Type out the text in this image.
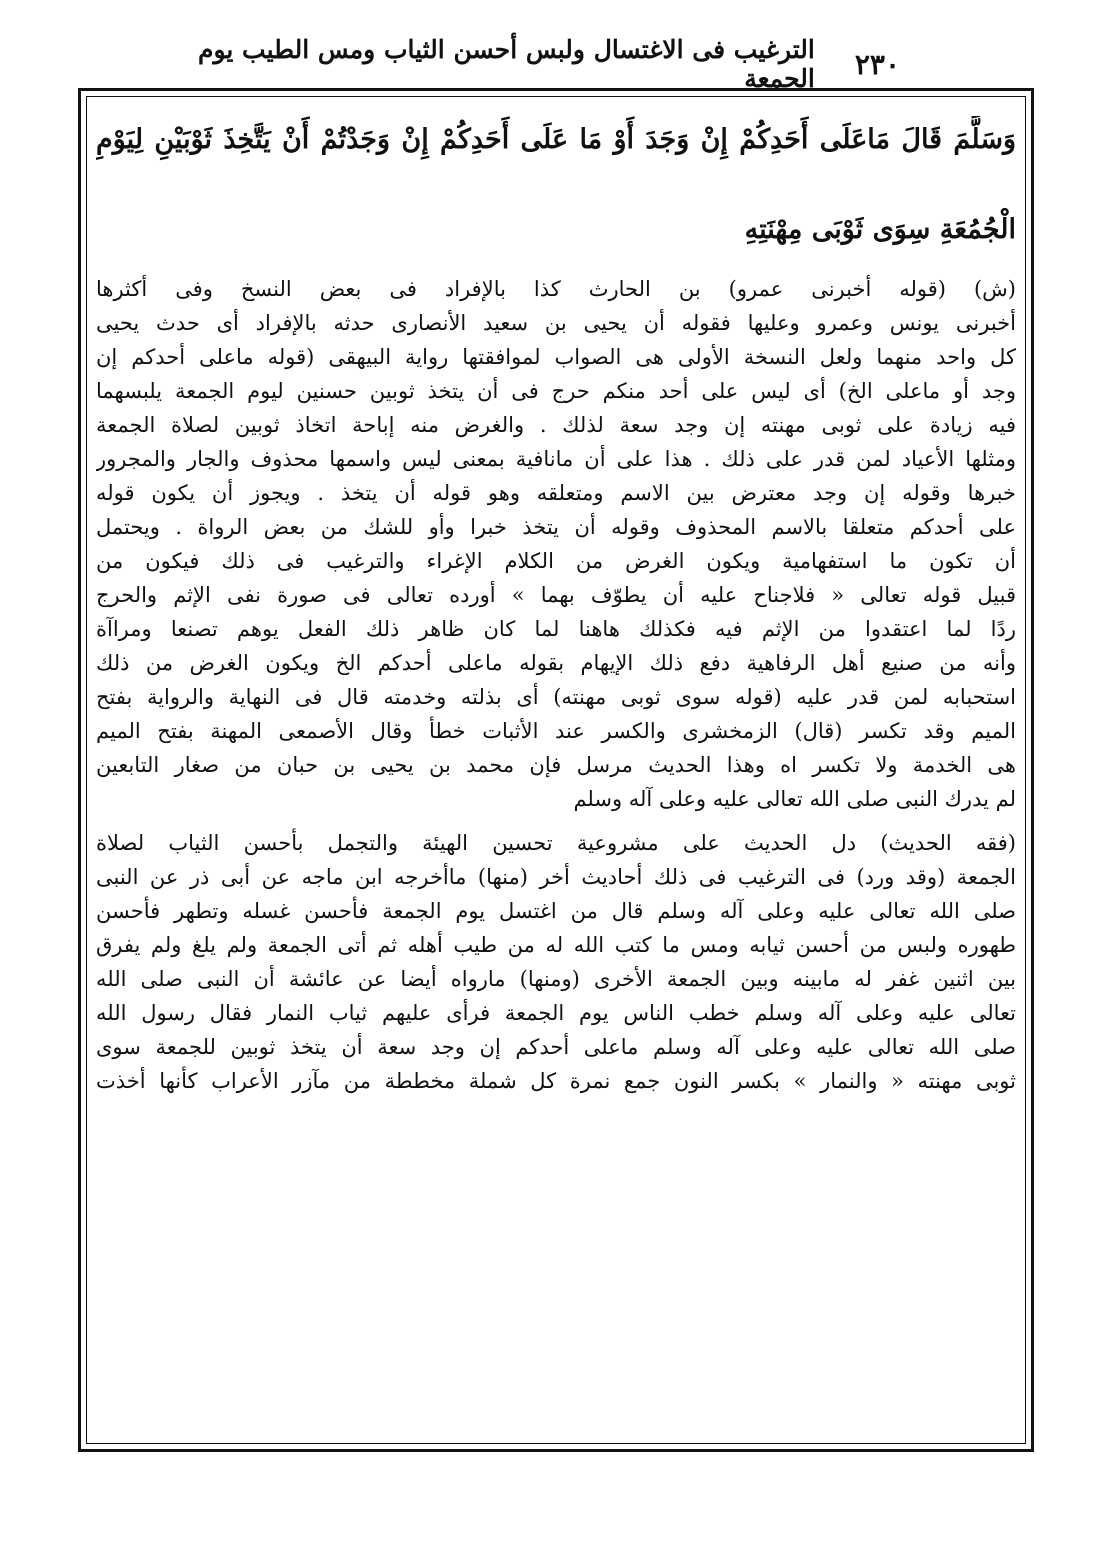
٢٣٠
الترغيب فى الاغتسال ولبس أحسن الثياب ومس الطيب يوم الجمعة
وَسَلَّمَ قَالَ مَاعَلَى أَحَدِكُمْ إِنْ وَجَدَ أَوْ مَا عَلَى أَحَدِكُمْ إِنْ وَجَدْتُمْ أَنْ يَتَّخِذَ ثَوْبَيْنِ لِيَوْمِ
الْجُمُعَةِ سِوَى ثَوْبَى مِهْنَتِهِ
(ش) (قوله أخبرنى عمرو) بن الحارث كذا بالإفراد فى بعض النسخ وفى أكثرها
أخبرنى يونس وعمرو وعليها فقوله أن يحيى بن سعيد الأنصارى حدثه بالإفراد أى حدث يحيى
كل واحد منهما ولعل النسخة الأولى هى الصواب لموافقتها رواية البيهقى (قوله ماعلى أحدكم إن
وجد أو ماعلى الخ) أى ليس على أحد منكم حرج فى أن يتخذ ثوبين حسنين ليوم الجمعة يلبسهما
فيه زيادة على ثوبى مهنته إن وجد سعة لذلك . والغرض منه إباحة اتخاذ ثوبين لصلاة الجمعة
ومثلها الأعياد لمن قدر على ذلك . هذا على أن مانافية بمعنى ليس واسمها محذوف والجار والمجرور
خبرها وقوله إن وجد معترض بين الاسم ومتعلقه وهو قوله أن يتخذ . ويجوز أن يكون قوله
على أحدكم متعلقا بالاسم المحذوف وقوله أن يتخذ خبرا وأو للشك من بعض الرواة . ويحتمل
أن تكون ما استفهامية ويكون الغرض من الكلام الإغراء والترغيب فى ذلك فيكون من
قبيل قوله تعالى « فلاجناح عليه أن يطوّف بهما » أورده تعالى فى صورة نفى الإثم والحرج
ردًا لما اعتقدوا من الإثم فيه فكذلك هاهنا لما كان ظاهر ذلك الفعل يوهم تصنعا ومراآة
وأنه من صنيع أهل الرفاهية دفع ذلك الإيهام بقوله ماعلى أحدكم الخ ويكون الغرض من ذلك
استحبابه لمن قدر عليه (قوله سوى ثوبى مهنته) أى بذلته وخدمته قال فى النهاية والرواية بفتح
الميم وقد تكسر (قال) الزمخشرى والكسر عند الأثبات خطأ وقال الأصمعى المهنة بفتح الميم
هى الخدمة ولا تكسر اه وهذا الحديث مرسل فإن محمد بن يحيى بن حبان من صغار التابعين
لم يدرك النبى صلى الله تعالى عليه وعلى آله وسلم
(فقه الحديث) دل الحديث على مشروعية تحسين الهيئة والتجمل بأحسن الثياب لصلاة
الجمعة (وقد ورد) فى الترغيب فى ذلك أحاديث أخر (منها) ماأخرجه ابن ماجه عن أبى ذر عن النبى
صلى الله تعالى عليه وعلى آله وسلم قال من اغتسل يوم الجمعة فأحسن غسله وتطهر فأحسن
طهوره ولبس من أحسن ثيابه ومس ما كتب الله له من طيب أهله ثم أتى الجمعة ولم يلغ ولم يفرق
بين اثنين غفر له مابينه وبين الجمعة الأخرى (ومنها) مارواه أيضا عن عائشة أن النبى صلى الله
تعالى عليه وعلى آله وسلم خطب الناس يوم الجمعة فرأى عليهم ثياب النمار فقال رسول الله
صلى الله تعالى عليه وعلى آله وسلم ماعلى أحدكم إن وجد سعة أن يتخذ ثوبين للجمعة سوى
ثوبى مهنته « والنمار » بكسر النون جمع نمرة كل شملة مخططة من مآزر الأعراب كأنها أخذت
